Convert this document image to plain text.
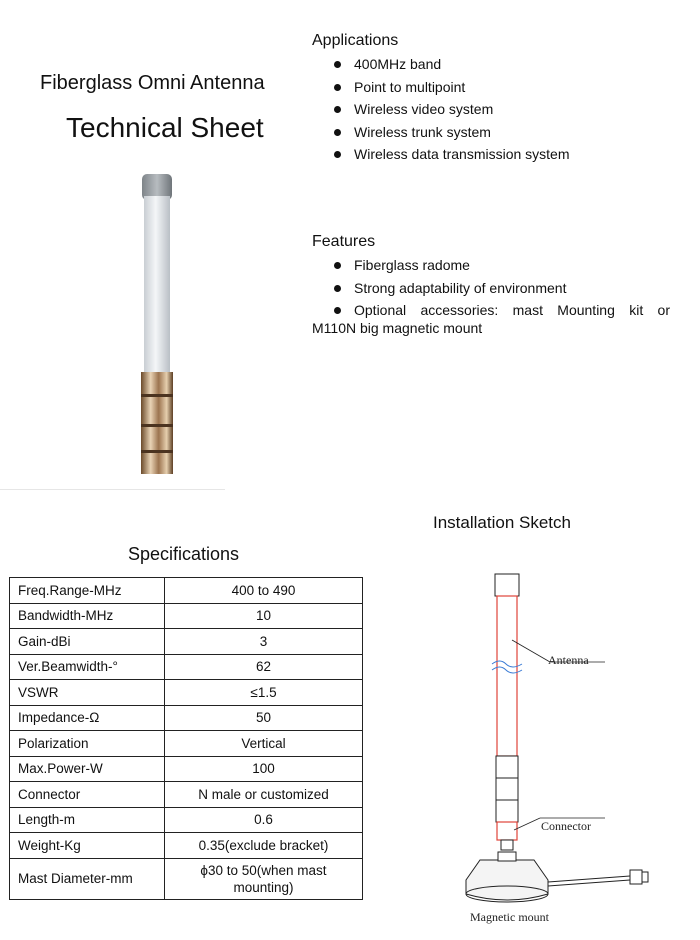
Fiberglass Omni Antenna
Technical Sheet
Applications
400MHz band
Point to multipoint
Wireless video system
Wireless trunk system
Wireless data transmission system
Features
Fiberglass radome
Strong adaptability of environment
Optional accessories: mast Mounting kit or
M110N big magnetic mount
Specifications
Freq.Range-MHz	400 to 490
Bandwidth-MHz	10
Gain-dBi	3
Ver.Beamwidth-°	62
VSWR	≤1.5
Impedance-Ω	50
Polarization	Vertical
Max.Power-W	100
Connector	N male or customized
Length-m	0.6
Weight-Kg	0.35(exclude bracket)
Mast Diameter-mm	ϕ30 to 50(when mast mounting)
Installation Sketch
Antenna
Connector
Magnetic mount
